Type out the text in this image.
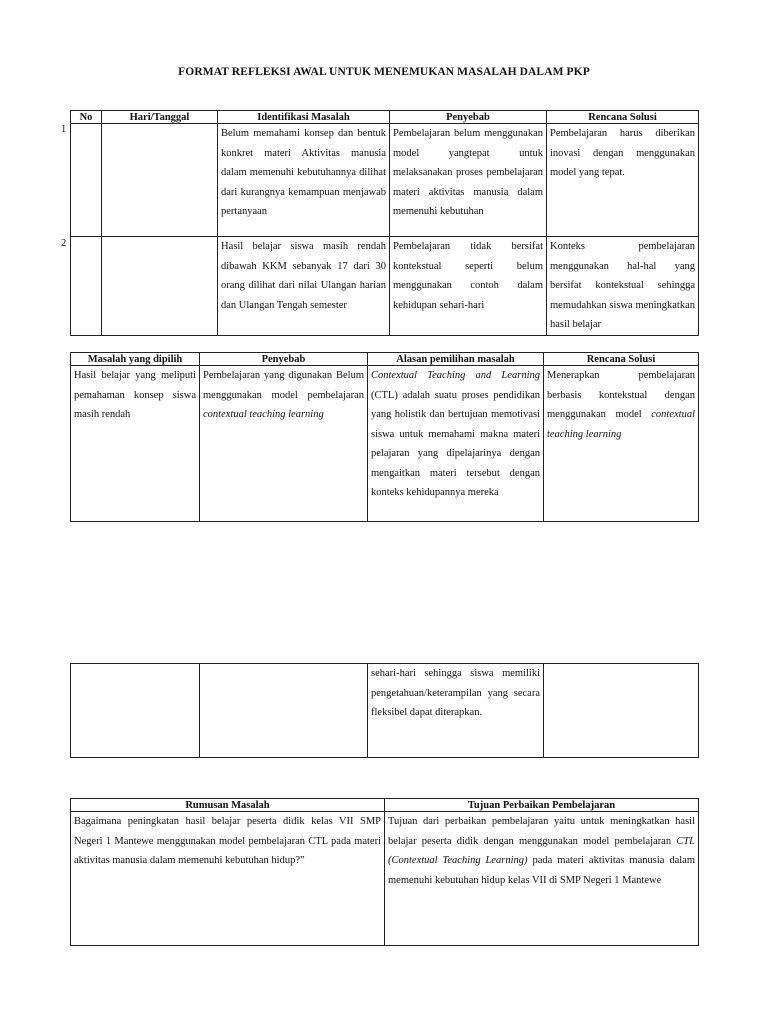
FORMAT REFLEKSI AWAL UNTUK MENEMUKAN MASALAH DALAM PKP
1
2
No	Hari/Tanggal	Identifikasi Masalah	Penyebab	Rencana Solusi
		Belum memahami konsep dan bentuk konkret materi Aktivitas manusia dalam memenuhi kebutuhannya dilihat dari kurangnya kemampuan menjawab pertanyaan	Pembelajaran belum menggunakan model yangtepat untuk melaksanakan proses pembelajaran materi aktivitas manusia dalam memenuhi kebutuhan	Pembelajaran harus diberikan inovasi dengan menggunakan model yang tepat.
		Hasil belajar siswa masih rendah dibawah KKM sebanyak 17 dari 30 orang dilihat dari nilai Ulangan harian dan Ulangan Tengah semester	Pembelajaran tidak bersifat kontekstual seperti belum menggunakan contoh dalam kehidupan sehari-hari	Konteks pembelajaran menggunakan hal-hal yang bersifat kontekstual sehingga memudahkan siswa meningkatkan hasil belajar
Masalah yang dipilih	Penyebab	Alasan pemilihan masalah	Rencana Solusi
Hasil belajar yang meliputi pemahaman konsep siswa masih rendah	Pembelajaran yang digunakan Belum menggunakan model pembelajaran contextual teaching learning	Contextual Teaching and Learning (CTL) adalah suatu proses pendidikan yang holistik dan bertujuan memotivasi siswa untuk memahami makna materi pelajaran yang dipelajarinya dengan mengaitkan materi tersebut dengan konteks kehidupannya mereka	Menerapkan pembelajaran berbasis kontekstual dengan menggunakan model contextual teaching learning
		sehari-hari sehingga siswa memiliki pengetahuan/keterampilan yang secara fleksibel dapat diterapkan.	
Rumusan Masalah	Tujuan Perbaikan Pembelajaran
Bagaimana peningkatan hasil belajar peserta didik kelas VII SMP Negeri 1 Mantewe menggunakan model pembelajaran CTL pada materi aktivitas manusia dalam memenuhi kebutuhan hidup?”	Tujuan dari perbaikan pembelajaran yaitu untuk meningkatkan hasil belajar peserta didik dengan menggunakan model pembelajaran CTL (Contextual Teaching Learning) pada materi aktivitas manusia dalam memenuhi kebutuhan hidup kelas VII di SMP Negeri 1 Mantewe
